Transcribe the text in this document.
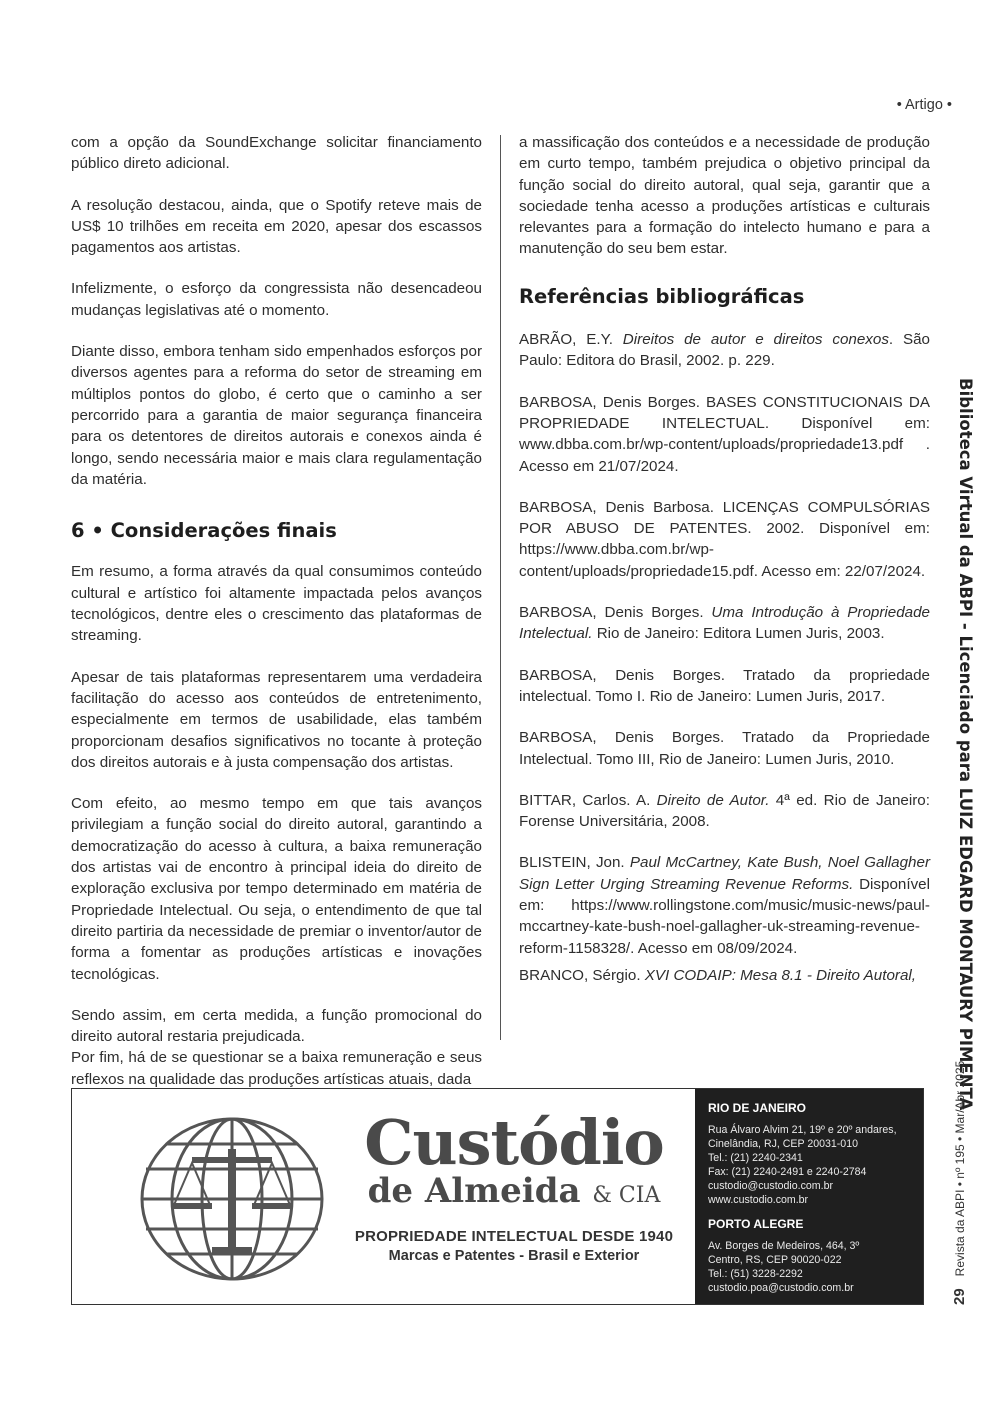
• Artigo •

com a opção da SoundExchange solicitar financiamento público direto adicional.

A resolução destacou, ainda, que o Spotify reteve mais de US$ 10 trilhões em receita em 2020, apesar dos escassos pagamentos aos artistas.

Infelizmente, o esforço da congressista não desencadeou mudanças legislativas até o momento.

Diante disso, embora tenham sido empenhados esforços por diversos agentes para a reforma do setor de streaming em múltiplos pontos do globo, é certo que o caminho a ser percorrido para a garantia de maior segurança financeira para os detentores de direitos autorais e conexos ainda é longo, sendo necessária maior e mais clara regulamentação da matéria.

6 • Considerações finais

Em resumo, a forma através da qual consumimos conteúdo cultural e artístico foi altamente impactada pelos avanços tecnológicos, dentre eles o crescimento das plataformas de streaming.

Apesar de tais plataformas representarem uma verdadeira facilitação do acesso aos conteúdos de entretenimento, especialmente em termos de usabilidade, elas também proporcionam desafios significativos no tocante à proteção dos direitos autorais e à justa compensação dos artistas.

Com efeito, ao mesmo tempo em que tais avanços privilegiam a função social do direito autoral, garantindo a democratização do acesso à cultura, a baixa remuneração dos artistas vai de encontro à principal ideia do direito de exploração exclusiva por tempo determinado em matéria de Propriedade Intelectual. Ou seja, o entendimento de que tal direito partiria da necessidade de premiar o inventor/autor de forma a fomentar as produções artísticas e inovações tecnológicas.

Sendo assim, em certa medida, a função promocional do direito autoral restaria prejudicada.

Por fim, há de se questionar se a baixa remuneração e seus reflexos na qualidade das produções artísticas atuais, dada

a massificação dos conteúdos e a necessidade de produção em curto tempo, também prejudica o objetivo principal da função social do direito autoral, qual seja, garantir que a sociedade tenha acesso a produções artísticas e culturais relevantes para a formação do intelecto humano e para a manutenção do seu bem estar.

Referências bibliográficas

ABRÃO, E.Y. Direitos de autor e direitos conexos. São Paulo: Editora do Brasil, 2002. p. 229.

BARBOSA, Denis Borges. BASES CONSTITUCIONAIS DA PROPRIEDADE INTELECTUAL. Disponível em: www.dbba.com.br/wp-content/uploads/propriedade13.pdf . Acesso em 21/07/2024.

BARBOSA, Denis Barbosa. LICENÇAS COMPULSÓRIAS POR ABUSO DE PATENTES. 2002. Disponível em: https://www.dbba.com.br/wp-content/uploads/propriedade15.pdf. Acesso em: 22/07/2024.

BARBOSA, Denis Borges. Uma Introdução à Propriedade Intelectual. Rio de Janeiro: Editora Lumen Juris, 2003.

BARBOSA, Denis Borges. Tratado da propriedade intelectual. Tomo I. Rio de Janeiro: Lumen Juris, 2017.

BARBOSA, Denis Borges. Tratado da Propriedade Intelectual. Tomo III, Rio de Janeiro: Lumen Juris, 2010.

BITTAR, Carlos. A. Direito de Autor. 4ª ed. Rio de Janeiro: Forense Universitária, 2008.

BLISTEIN, Jon. Paul McCartney, Kate Bush, Noel Gallagher Sign Letter Urging Streaming Revenue Reforms. Disponível em: https://www.rollingstone.com/music/music-news/paul-mccartney-kate-bush-noel-gallagher-uk-streaming-revenue-reform-1158328/. Acesso em 08/09/2024.

BRANCO, Sérgio. XVI CODAIP: Mesa 8.1 - Direito Autoral,	Biblioteca Virtual da ABPI - Licenciado para LUIZ EDGARD MONTAURY PIMENTA
29Revista da ABPI • nº 195 • Mar/Abr 2025
Custódio
de Almeida & CIA
PROPRIEDADE INTELECTUAL DESDE 1940
Marcas e Patentes - Brasil e Exterior
RIO DE JANEIRO
Rua Álvaro Alvim 21, 19º e 20º andares,
Cinelândia, RJ, CEP 20031-010
Tel.: (21) 2240-2341
Fax: (21) 2240-2491 e 2240-2784
custodio@custodio.com.br
www.custodio.com.br
PORTO ALEGRE
Av. Borges de Medeiros, 464, 3º
Centro, RS, CEP 90020-022
Tel.: (51) 3228-2292
custodio.poa@custodio.com.br
